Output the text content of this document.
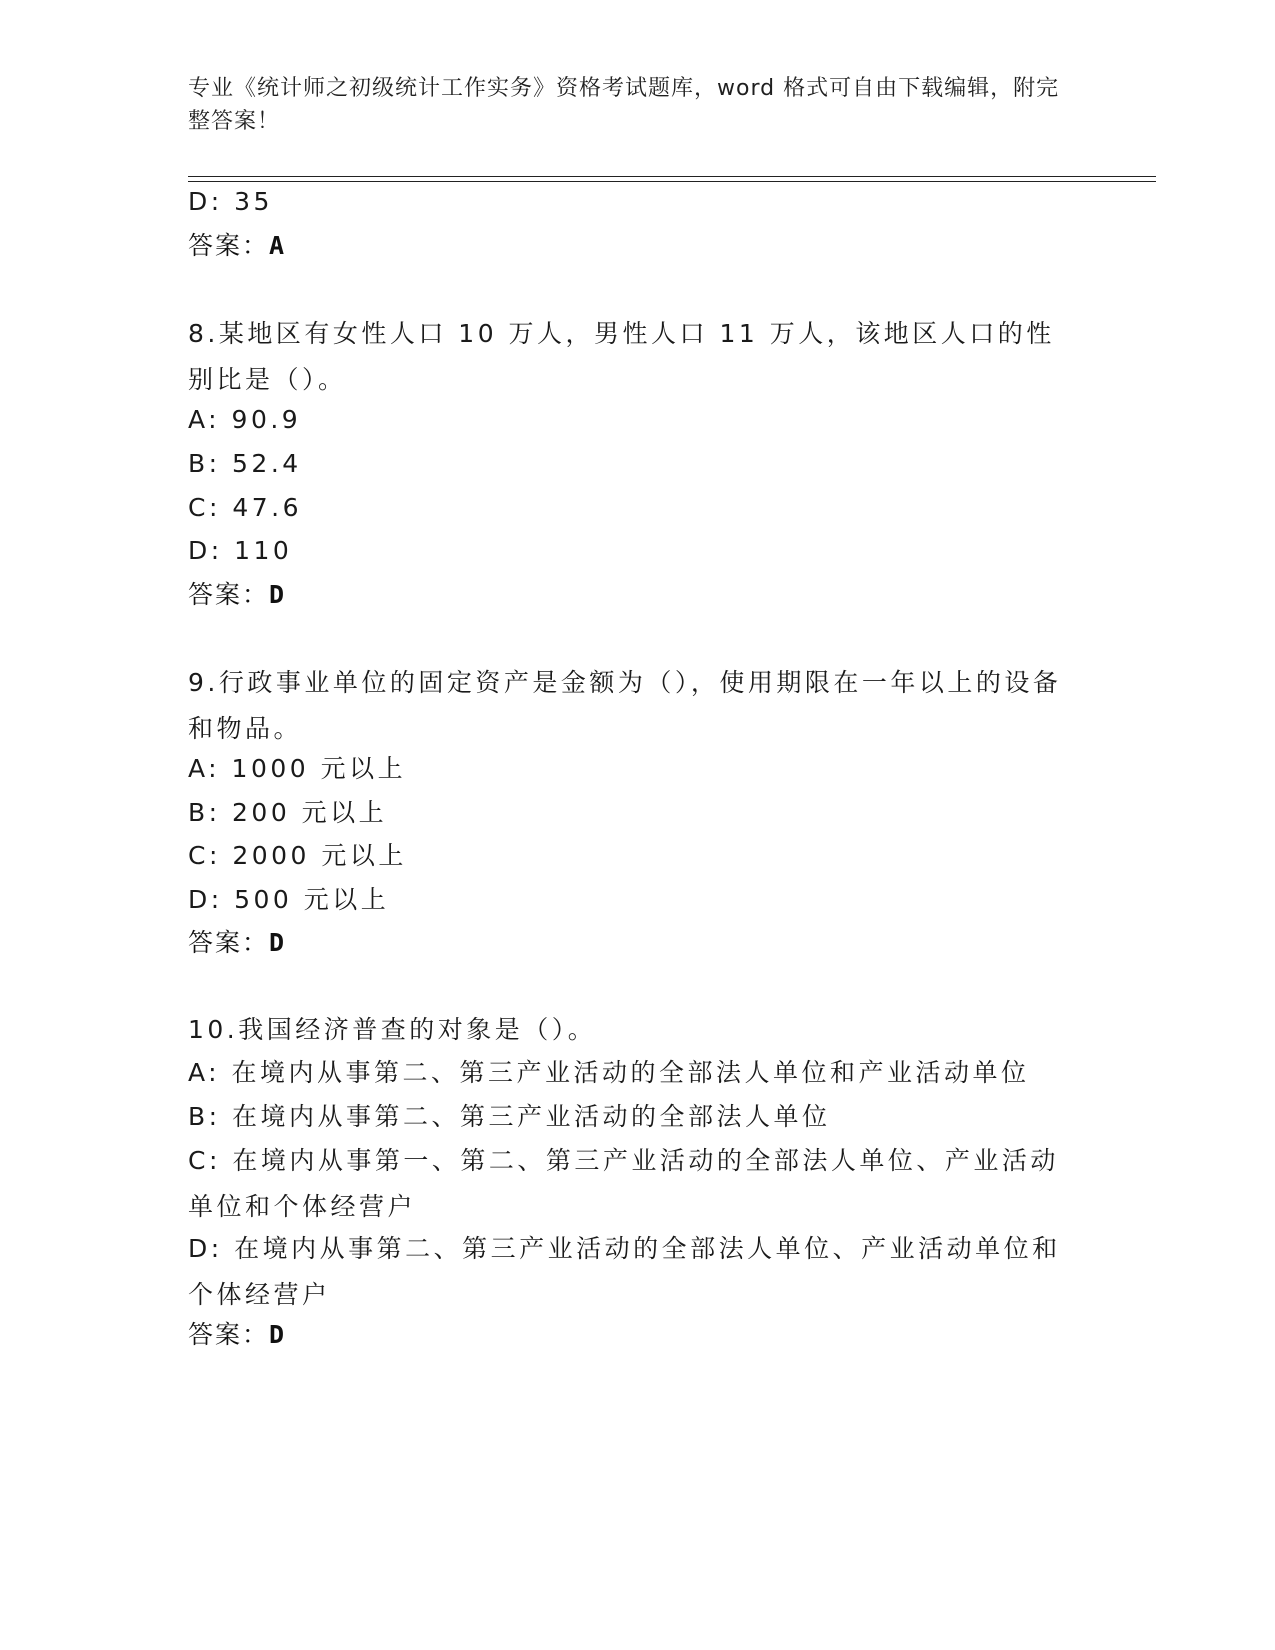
专业《统计师之初级统计工作实务》资格考试题库，word 格式可自由下载编辑，附完整答案！
D: 35
答案：A
8.某地区有女性人口 10 万人，男性人口 11 万人，该地区人口的性别比是（）。
A: 90.9
B: 52.4
C: 47.6
D: 110
答案：D
9.行政事业单位的固定资产是金额为（），使用期限在一年以上的设备和物品。
A: 1000 元以上
B: 200 元以上
C: 2000 元以上
D: 500 元以上
答案：D
10.我国经济普查的对象是（）。
A: 在境内从事第二、第三产业活动的全部法人单位和产业活动单位
B: 在境内从事第二、第三产业活动的全部法人单位
C: 在境内从事第一、第二、第三产业活动的全部法人单位、产业活动单位和个体经营户
D: 在境内从事第二、第三产业活动的全部法人单位、产业活动单位和个体经营户
答案：D
